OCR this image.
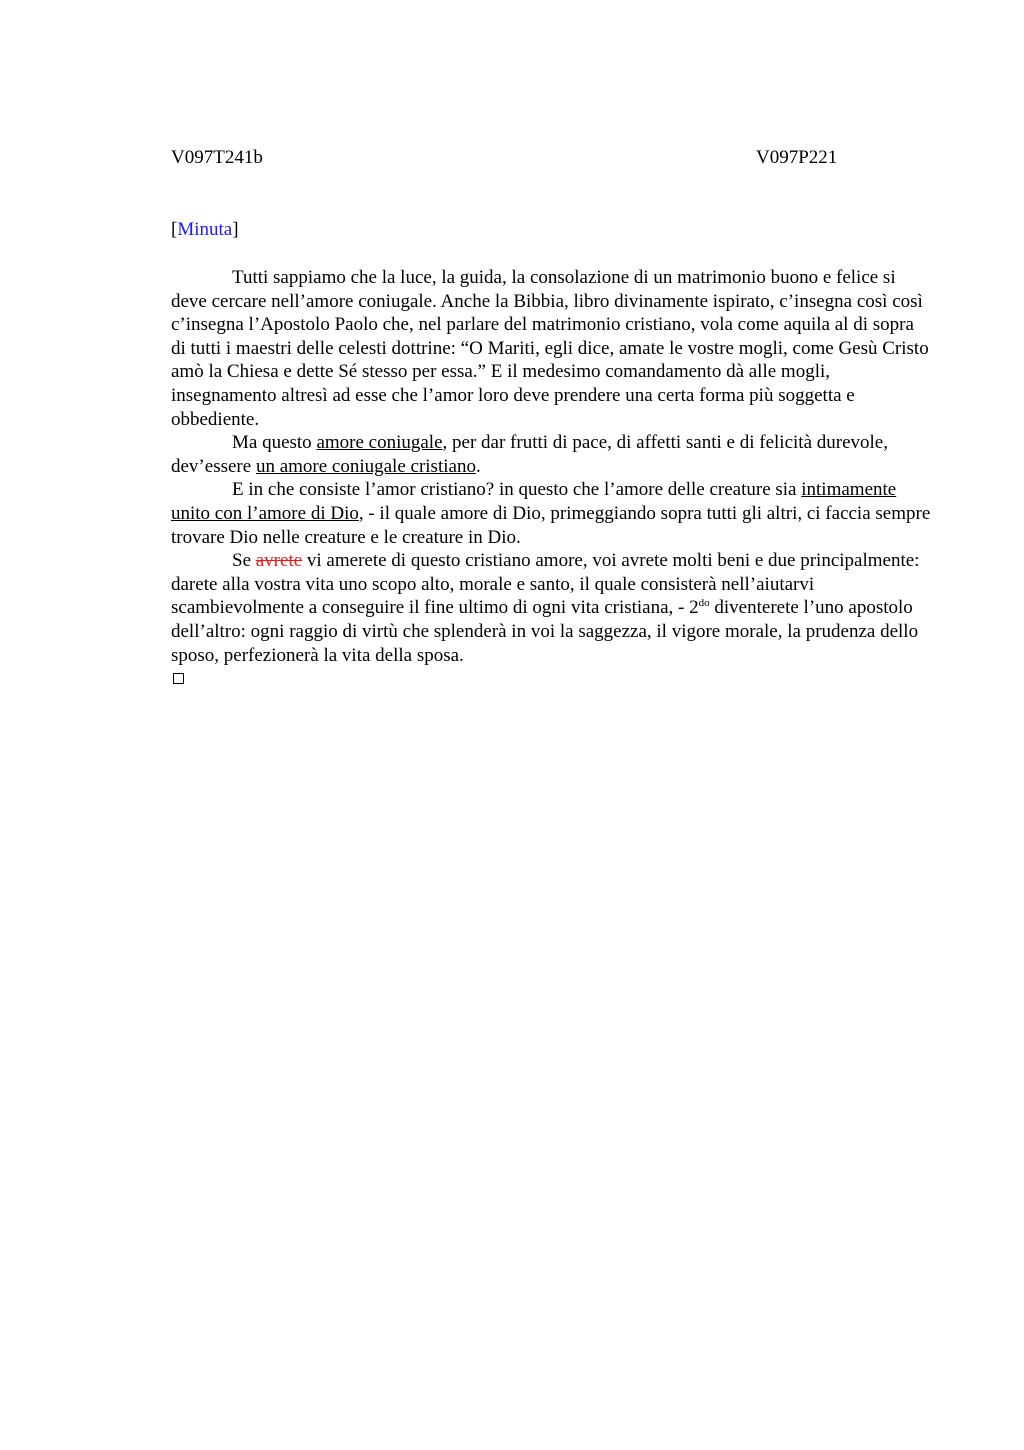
V097T241b	V097P221
[Minuta]

Tutti sappiamo che la luce, la guida, la consolazione di un matrimonio buono e felice si deve cercare nell’amore coniugale. Anche la Bibbia, libro divinamente ispirato, c’insegna così così c’insegna l’Apostolo Paolo che, nel parlare del matrimonio cristiano, vola come aquila al di sopra di tutti i maestri delle celesti dottrine: “O Mariti, egli dice, amate le vostre mogli, come Gesù Cristo amò la Chiesa e dette Sé stesso per essa.” E il medesimo comandamento dà alle mogli, insegnamento altresì ad esse che l’amor loro deve prendere una certa forma più soggetta e obbediente.

Ma questo amore coniugale, per dar frutti di pace, di affetti santi e di felicità durevole, dev’essere un amore coniugale cristiano.

E in che consiste l’amor cristiano? in questo che l’amore delle creature sia intimamente unito con l’amore di Dio, - il quale amore di Dio, primeggiando sopra tutti gli altri, ci faccia sempre trovare Dio nelle creature e le creature in Dio.

Se avrete vi amerete di questo cristiano amore, voi avrete molti beni e due principalmente: darete alla vostra vita uno scopo alto, morale e santo, il quale consisterà nell’aiutarvi scambievolmente a conseguire il fine ultimo di ogni vita cristiana, - $2^{do}$ diventerete l’uno apostolo dell’altro: ogni raggio di virtù che splenderà in voi la saggezza, il vigore morale, la prudenza dello sposo, perfezionerà la vita della sposa.
